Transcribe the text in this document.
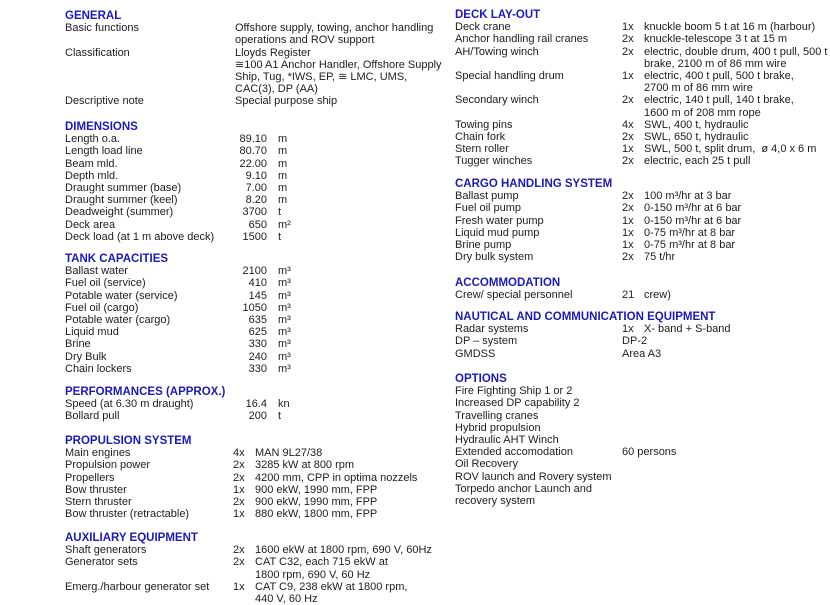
GENERAL
Basic functions	Offshore supply, towing, anchor handling
operations and ROV support
Classification	Lloyds Register
≅100 A1 Anchor Handler, Offshore Supply
Ship, Tug, *IWS, EP, ≅ LMC, UMS,
CAC(3), DP (AA)
Descriptive note	Special purpose ship
DIMENSIONS
Length o.a.	89.10 m
Length load line	80.70 m
Beam mld.	22.00 m
Depth mld.	9.10 m
Draught summer (base)	7.00 m
Draught summer (keel)	8.20 m
Deadweight (summer)	3700 t
Deck area	650 m²
Deck load (at 1 m above deck)	1500 t
TANK CAPACITIES
Ballast water	2100 m³
Fuel oil (service)	410 m³
Potable water (service)	145 m³
Fuel oil (cargo)	1050 m³
Potable water (cargo)	635 m³
Liquid mud	625 m³
Brine	330 m³
Dry Bulk	240 m³
Chain lockers	330 m³
PERFORMANCES (APPROX.)
Speed (at 6.30 m draught)	16.4 kn
Bollard pull	200 t
PROPULSION SYSTEM
Main engines	4x MAN 9L27/38
Propulsion power	2x 3285 kW at 800 rpm
Propellers	2x 4200 mm, CPP in optima nozzels
Bow thruster	1x 900 ekW, 1990 mm, FPP
Stern thruster	2x 900 ekW, 1990 mm, FPP
Bow thruster (retractable)	1x 880 ekW, 1800 mm, FPP
AUXILIARY EQUIPMENT
Shaft generators	2x 1600 ekW at 1800 rpm, 690 V, 60Hz
Generator sets	2x CAT C32, each 715 ekW at
1800 rpm, 690 V, 60 Hz
Emerg./harbour generator set 1x CAT C9, 238 ekW at 1800 rpm,
440 V, 60 Hz
DECK LAY-OUT
Deck crane	1x knuckle boom 5 t at 16 m (harbour)
Anchor handling rail cranes	2x knuckle-telescope 3 t at 15 m
AH/Towing winch	2x electric, double drum, 400 t pull, 500 t
brake, 2100 m of 86 mm wire
Special handling drum	1x electric, 400 t pull, 500 t brake,
2700 m of 86 mm wire
Secondary winch	2x electric, 140 t pull, 140 t brake,
1600 m of 208 mm rope
Towing pins	4x SWL, 400 t, hydraulic
Chain fork	2x SWL, 650 t, hydraulic
Stern roller	1x SWL, 500 t, split drum,  ø 4,0 x 6 m
Tugger winches	2x electric, each 25 t pull
CARGO HANDLING SYSTEM
Ballast pump	2x 100 m³/hr at 3 bar
Fuel oil pump	2x 0-150 m³/hr at 6 bar
Fresh water pump	1x 0-150 m³/hr at 6 bar
Liquid mud pump	1x 0-75 m³/hr at 8 bar
Brine pump	1x 0-75 m³/hr at 8 bar
Dry bulk system	2x 75 t/hr
ACCOMMODATION
Crew/ special personnel	21 crew)
NAUTICAL AND COMMUNICATION EQUIPMENT
Radar systems	1x X- band + S-band
DP – system	DP-2
GMDSS	Area A3
OPTIONS
Fire Fighting Ship 1 or 2
Increased DP capability 2
Travelling cranes
Hybrid propulsion
Hydraulic AHT Winch
Extended accomodation	60 persons
Oil Recovery
ROV launch and Rovery system
Torpedo anchor Launch and
recovery system
